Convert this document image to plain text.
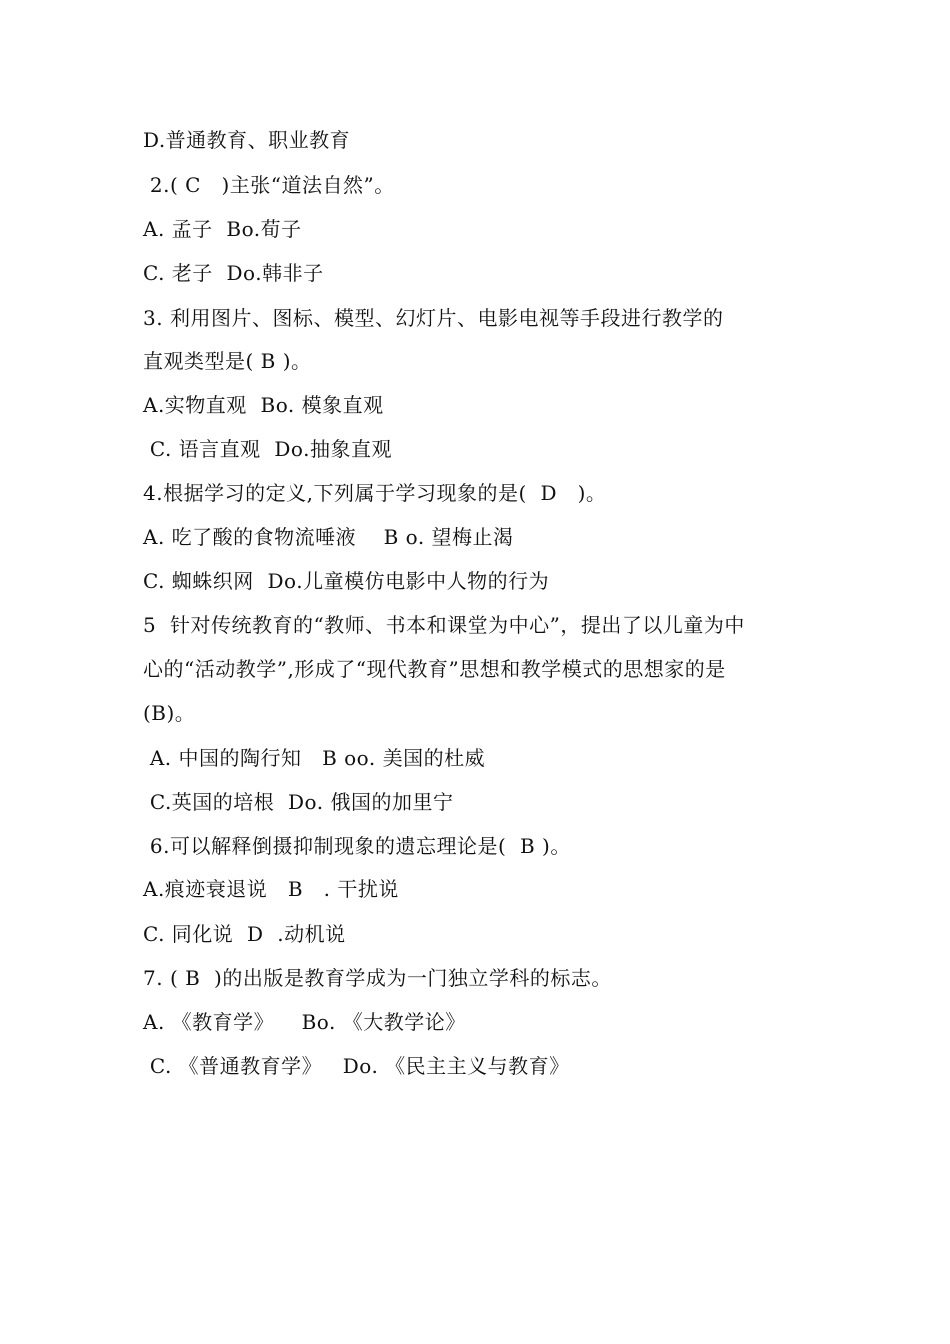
D.普通教育、职业教育
2.( C   )主张“道法自然”。
A. 孟子  Bo.荀子
C. 老子  Do.韩非子
3. 利用图片、图标、模型、幻灯片、电影电视等手段进行教学的
直观类型是( B )。
A.实物直观  Bo. 模象直观
C. 语言直观  Do.抽象直观
4.根据学习的定义,下列属于学习现象的是(  D   )。
A. 吃了酸的食物流唾液    B o. 望梅止渴
C. 蜘蛛织网  Do.儿童模仿电影中人物的行为
5  针对传统教育的“教师、书本和课堂为中心”，提出了以儿童为中
心的“活动教学”,形成了“现代教育”思想和教学模式的思想家的是
(B)。
A. 中国的陶行知   B oo. 美国的杜威
C.英国的培根  Do. 俄国的加里宁
6.可以解释倒摄抑制现象的遗忘理论是(  B )。
A.痕迹衰退说   B   . 干扰说
C. 同化说  D  .动机说
7. ( B  )的出版是教育学成为一门独立学科的标志。
A. 《教育学》    Bo. 《大教学论》
C. 《普通教育学》   Do. 《民主主义与教育》
